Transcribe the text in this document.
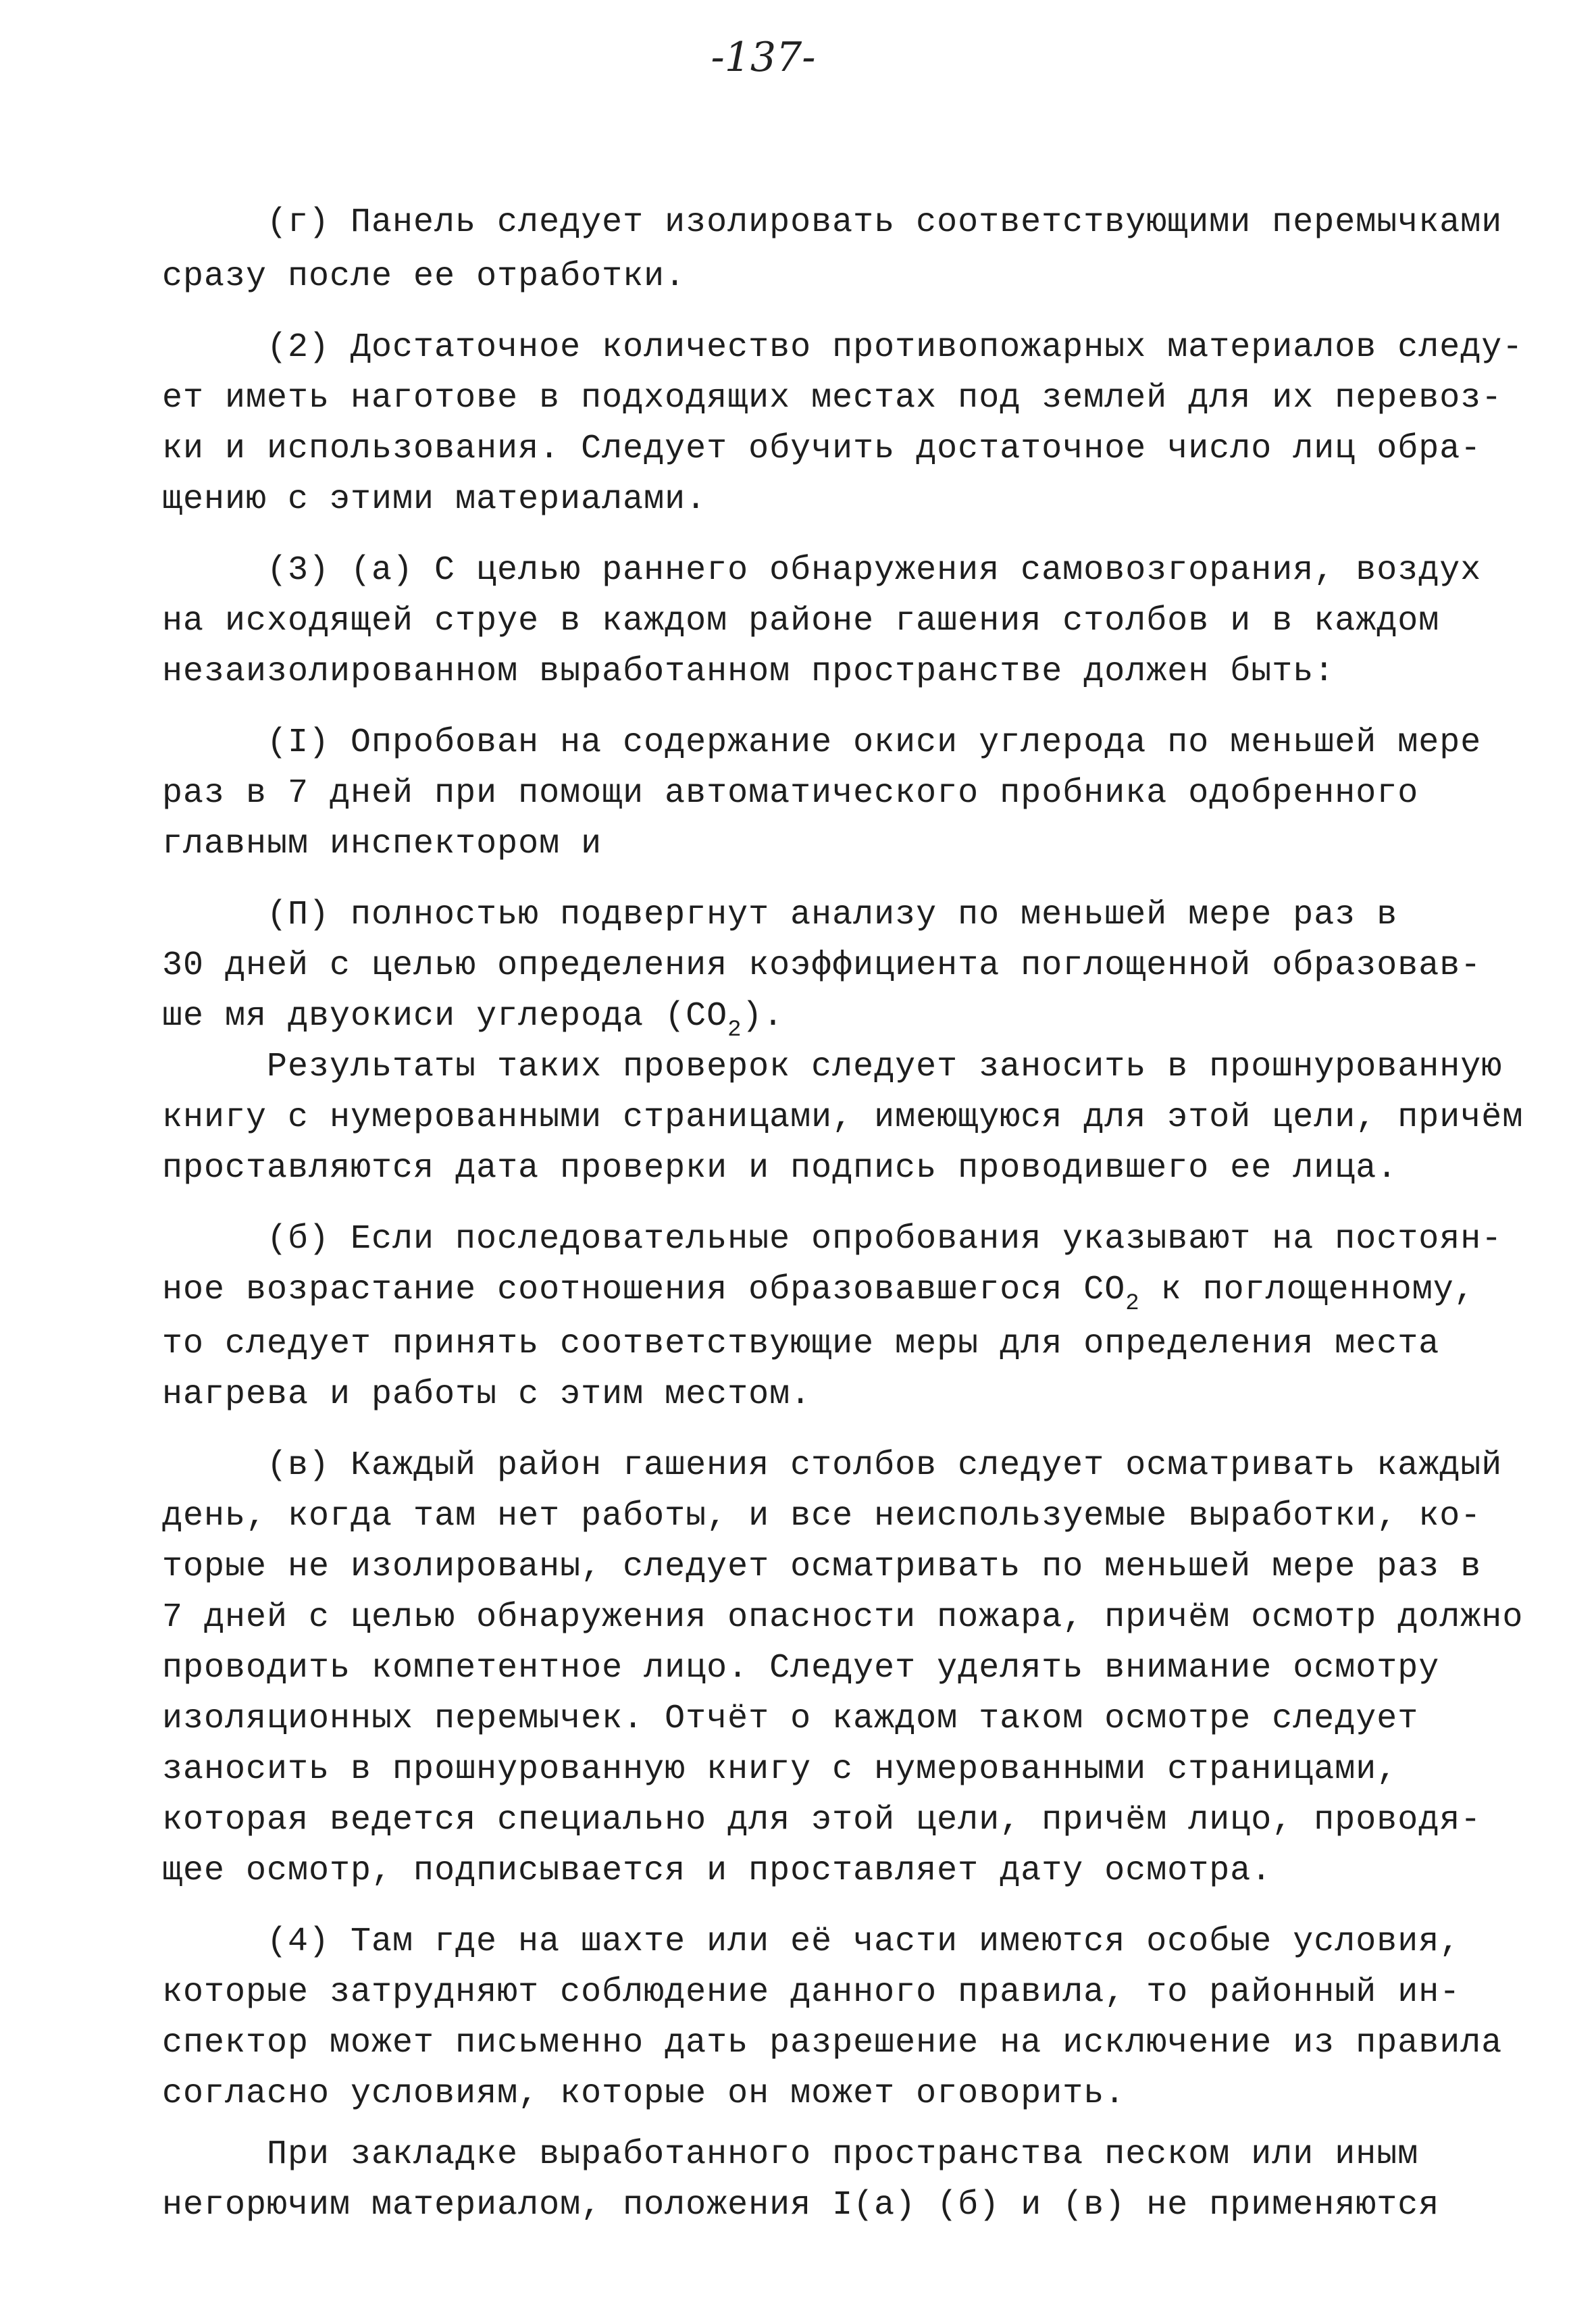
-137-
(г) Панель следует изолировать соответствующими перемычками
сразу после ее отработки.
(2) Достаточное количество противопожарных материалов следу-
ет иметь наготове в подходящих местах под землей для их перевоз-
ки и использования. Следует обучить достаточное число лиц обра-
щению с этими материалами.
(3) (а) С целью раннего обнаружения самовозгорания, воздух
на исходящей струе в каждом районе гашения столбов и в каждом
незаизолированном выработанном пространстве должен быть:
(I) Опробован на содержание окиси углерода по меньшей мере
раз в 7 дней при помощи автоматического пробника одобренного
главным инспектором и
(П) полностью подвергнут анализу по меньшей мере раз в
30 дней с целью определения коэффициента поглощенной образовав-
ше мя двуокиси углерода $(CO_2)$.
Результаты таких проверок следует заносить в прошнурованную
книгу с нумерованными страницами, имеющуюся для этой цели, причём
проставляются дата проверки и подпись проводившего ее лица.
(б) Если последовательные опробования указывают на постоян-
ное возрастание соотношения образовавшегося $CO_2$ к поглощенному,
то следует принять соответствующие меры для определения места
нагрева и работы с этим местом.
(в) Каждый район гашения столбов следует осматривать каждый
день, когда там нет работы, и все неиспользуемые выработки, ко-
торые не изолированы, следует осматривать по меньшей мере раз в
7 дней с целью обнаружения опасности пожара, причём осмотр должно
проводить компетентное лицо. Следует уделять внимание осмотру
изоляционных перемычек. Отчёт о каждом таком осмотре следует
заносить в прошнурованную книгу с нумерованными страницами,
которая ведется специально для этой цели, причём лицо, проводя-
щее осмотр, подписывается и проставляет дату осмотра.
(4) Там где на шахте или её части имеются особые условия,
которые затрудняют соблюдение данного правила, то районный ин-
спектор может письменно дать разрешение на исключение из правила
согласно условиям, которые он может оговорить.
При закладке выработанного пространства песком или иным
негорючим материалом, положения I(а) (б) и (в) не применяются
